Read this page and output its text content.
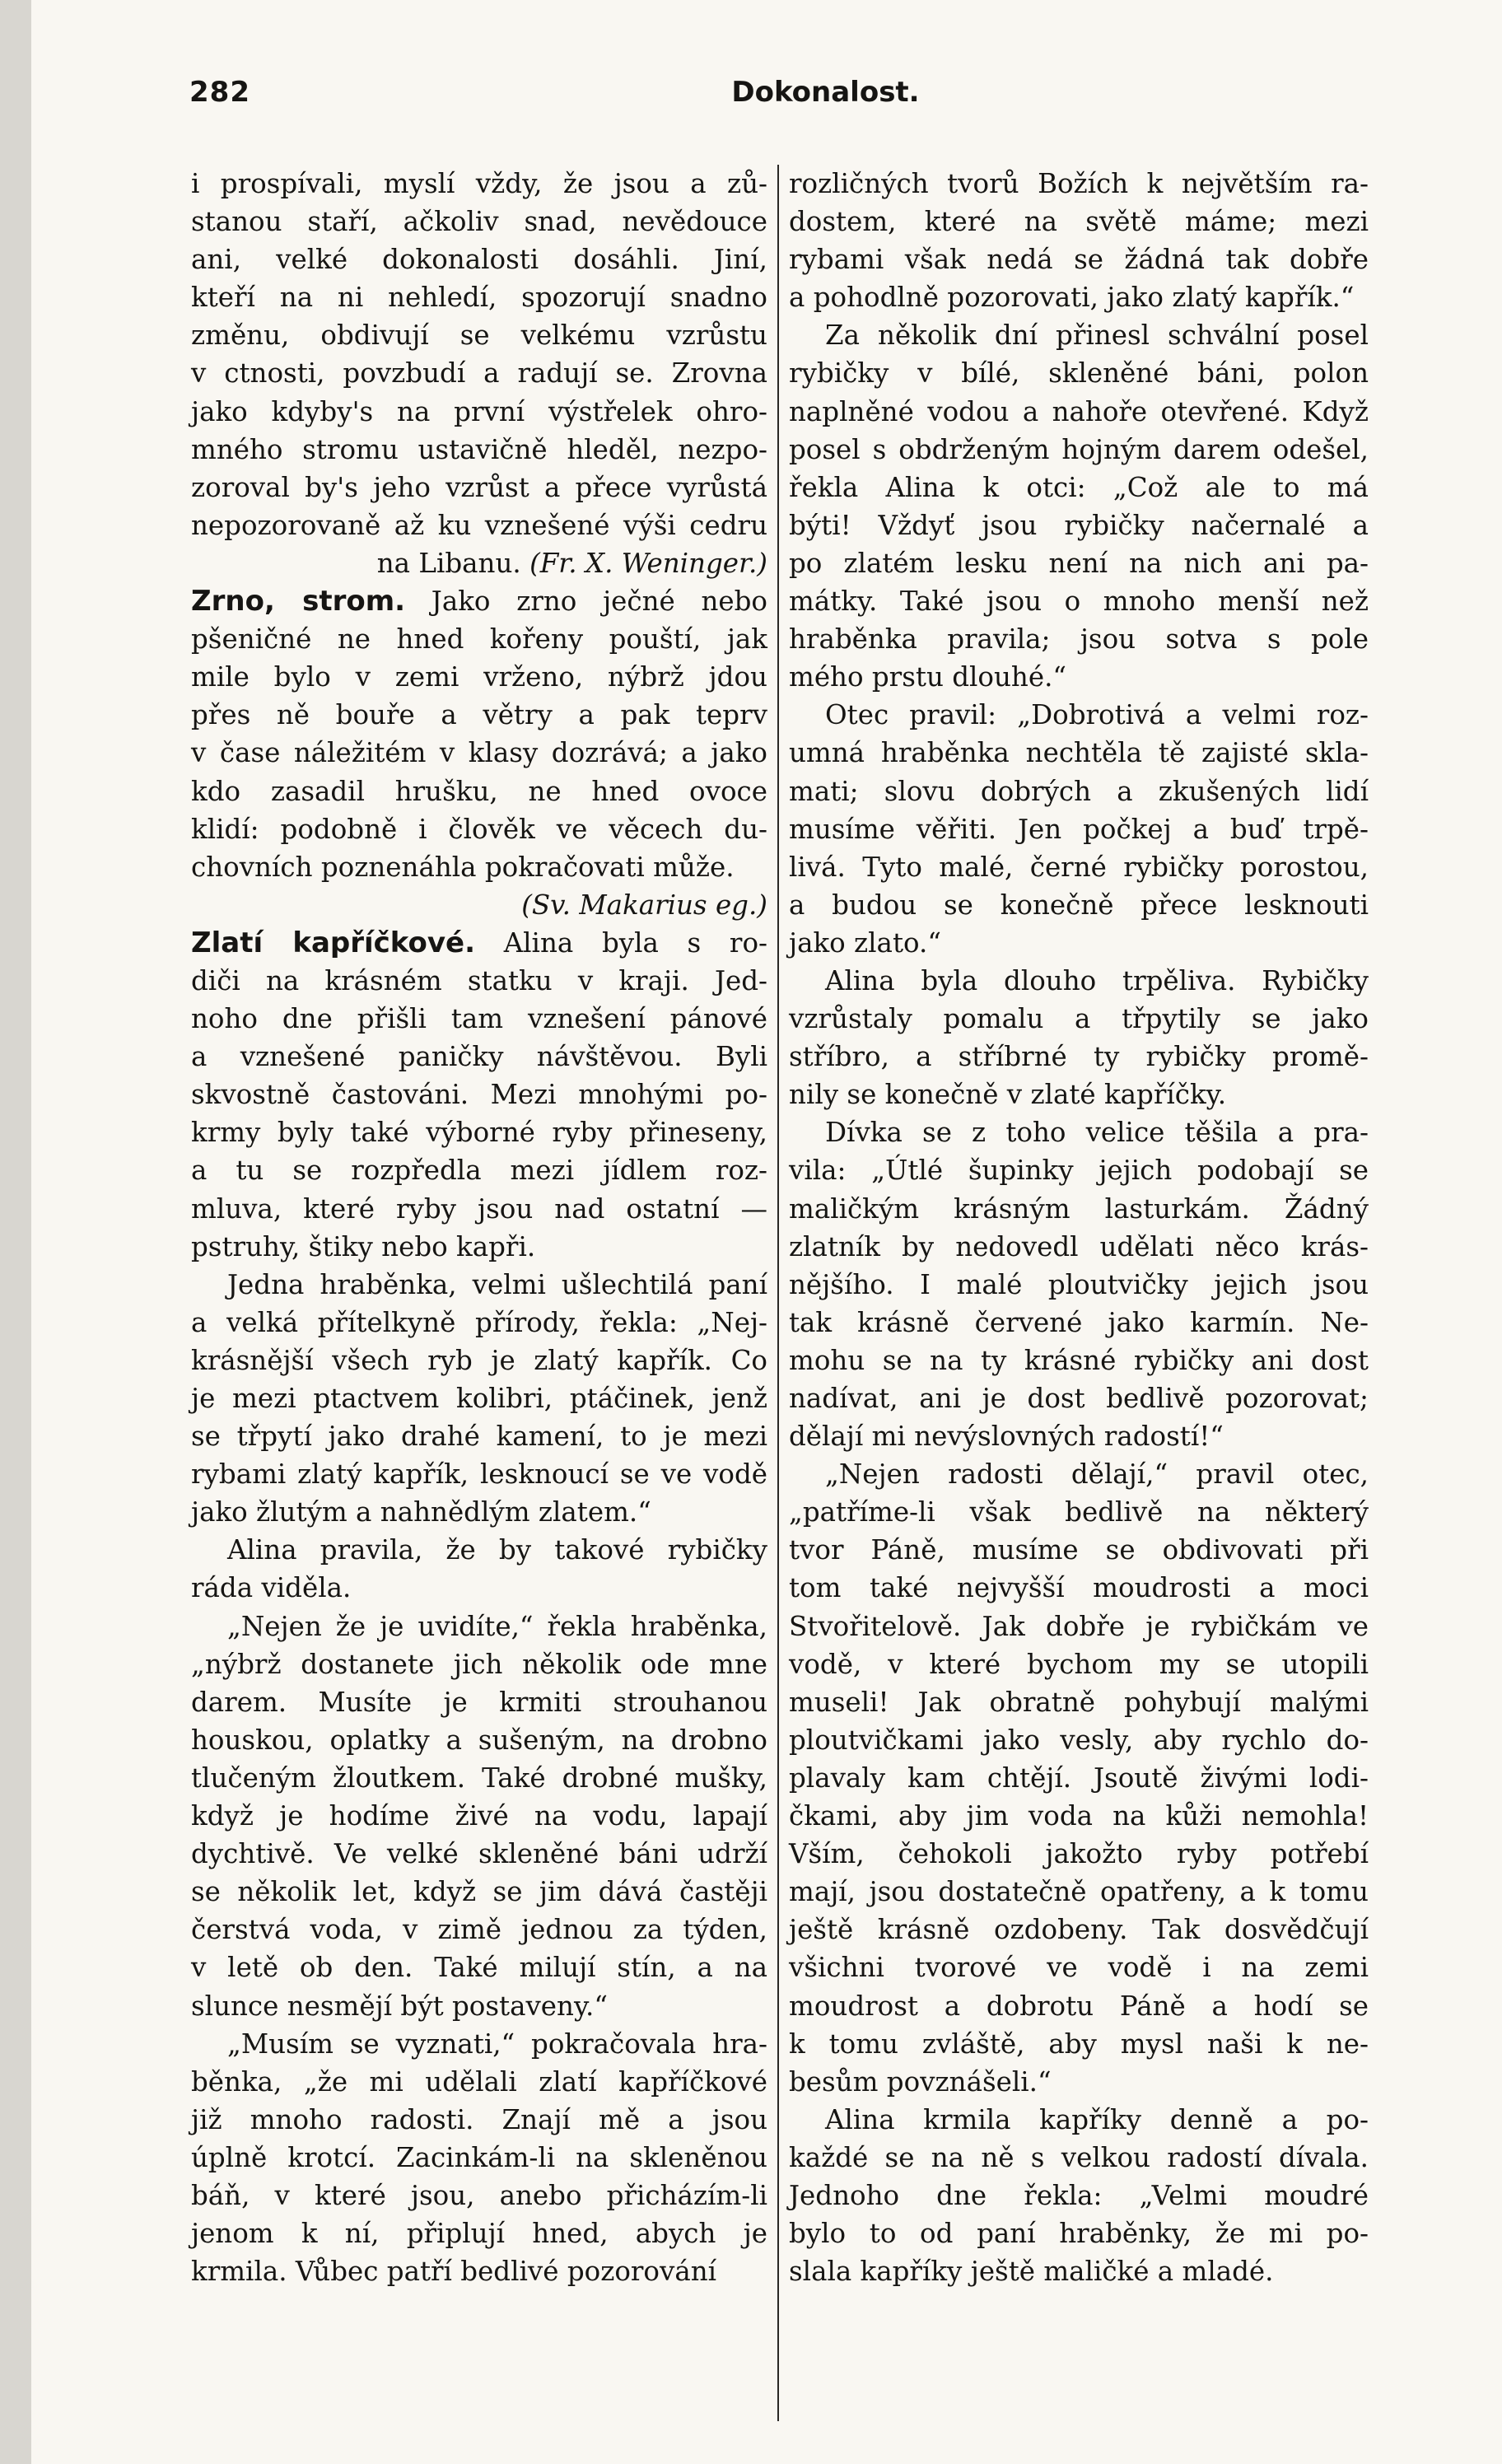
282	Dokonalost.
i prospívali, myslí vždy, že jsou a zů-
stanou staří, ačkoliv snad, nevědouce
ani, velké dokonalosti dosáhli. Jiní,
kteří na ni nehledí, spozorují snadno
změnu, obdivují se velkému vzrůstu
v ctnosti, povzbudí a radují se. Zrovna
jako kdyby's na první výstřelek ohro-
mného stromu ustavičně hleděl, nezpo-
zoroval by's jeho vzrůst a přece vyrůstá
nepozorovaně až ku vznešené výši cedru
na Libanu. (Fr. X. Weninger.)
Zrno, strom. Jako zrno ječné nebo
pšeničné ne hned kořeny pouští, jak
mile bylo v zemi vrženo, nýbrž jdou
přes ně bouře a větry a pak teprv
v čase náležitém v klasy dozrává; a jako
kdo zasadil hrušku, ne hned ovoce
klidí: podobně i člověk ve věcech du-
chovních poznenáhla pokračovati může.
(Sv. Makarius eg.)
Zlatí kapříčkové. Alina byla s ro-
diči na krásném statku v kraji. Jed-
noho dne přišli tam vznešení pánové
a vznešené paničky návštěvou. Byli
skvostně častováni. Mezi mnohými po-
krmy byly také výborné ryby přineseny,
a tu se rozpředla mezi jídlem roz-
mluva, které ryby jsou nad ostatní —
pstruhy, štiky nebo kapři.
Jedna hraběnka, velmi ušlechtilá paní
a velká přítelkyně přírody, řekla: „Nej-
krásnější všech ryb je zlatý kapřík. Co
je mezi ptactvem kolibri, ptáčinek, jenž
se třpytí jako drahé kamení, to je mezi
rybami zlatý kapřík, lesknoucí se ve vodě
jako žlutým a nahnědlým zlatem.“
Alina pravila, že by takové rybičky
ráda viděla.
„Nejen že je uvidíte,“ řekla hraběnka,
„nýbrž dostanete jich několik ode mne
darem. Musíte je krmiti strouhanou
houskou, oplatky a sušeným, na drobno
tlučeným žloutkem. Také drobné mušky,
když je hodíme živé na vodu, lapají
dychtivě. Ve velké skleněné báni udrží
se několik let, když se jim dává častěji
čerstvá voda, v zimě jednou za týden,
v letě ob den. Také milují stín, a na
slunce nesmějí být postaveny.“
„Musím se vyznati,“ pokračovala hra-
běnka, „že mi udělali zlatí kapříčkové
již mnoho radosti. Znají mě a jsou
úplně krotcí. Zacinkám-li na skleněnou
báň, v které jsou, anebo přicházím-li
jenom k ní, připlují hned, abych je
krmila. Vůbec patří bedlivé pozorování
rozličných tvorů Božích k největším ra-
dostem, které na světě máme; mezi
rybami však nedá se žádná tak dobře
a pohodlně pozorovati, jako zlatý kapřík.“
Za několik dní přinesl schvální posel
rybičky v bílé, skleněné báni, polon
naplněné vodou a nahoře otevřené. Když
posel s obdrženým hojným darem odešel,
řekla Alina k otci: „Což ale to má
býti! Vždyť jsou rybičky načernalé a
po zlatém lesku není na nich ani pa-
mátky. Také jsou o mnoho menší než
hraběnka pravila; jsou sotva s pole
mého prstu dlouhé.“
Otec pravil: „Dobrotivá a velmi roz-
umná hraběnka nechtěla tě zajisté skla-
mati; slovu dobrých a zkušených lidí
musíme věřiti. Jen počkej a buď trpě-
livá. Tyto malé, černé rybičky porostou,
a budou se konečně přece lesknouti
jako zlato.“
Alina byla dlouho trpěliva. Rybičky
vzrůstaly pomalu a třpytily se jako
stříbro, a stříbrné ty rybičky promě-
nily se konečně v zlaté kapříčky.
Dívka se z toho velice těšila a pra-
vila: „Útlé šupinky jejich podobají se
maličkým krásným lasturkám. Žádný
zlatník by nedovedl udělati něco krás-
nějšího. I malé ploutvičky jejich jsou
tak krásně červené jako karmín. Ne-
mohu se na ty krásné rybičky ani dost
nadívat, ani je dost bedlivě pozorovat;
dělají mi nevýslovných radostí!“
„Nejen radosti dělají,“ pravil otec,
„patříme-li však bedlivě na některý
tvor Páně, musíme se obdivovati při
tom také nejvyšší moudrosti a moci
Stvořitelově. Jak dobře je rybičkám ve
vodě, v které bychom my se utopili
museli! Jak obratně pohybují malými
ploutvičkami jako vesly, aby rychlo do-
plavaly kam chtějí. Jsoutě živými lodi-
čkami, aby jim voda na kůži nemohla!
Vším, čehokoli jakožto ryby potřebí
mají, jsou dostatečně opatřeny, a k tomu
ještě krásně ozdobeny. Tak dosvědčují
všichni tvorové ve vodě i na zemi
moudrost a dobrotu Páně a hodí se
k tomu zvláště, aby mysl naši k ne-
besům povznášeli.“
Alina krmila kapříky denně a po-
každé se na ně s velkou radostí dívala.
Jednoho dne řekla: „Velmi moudré
bylo to od paní hraběnky, že mi po-
slala kapříky ještě maličké a mladé.
